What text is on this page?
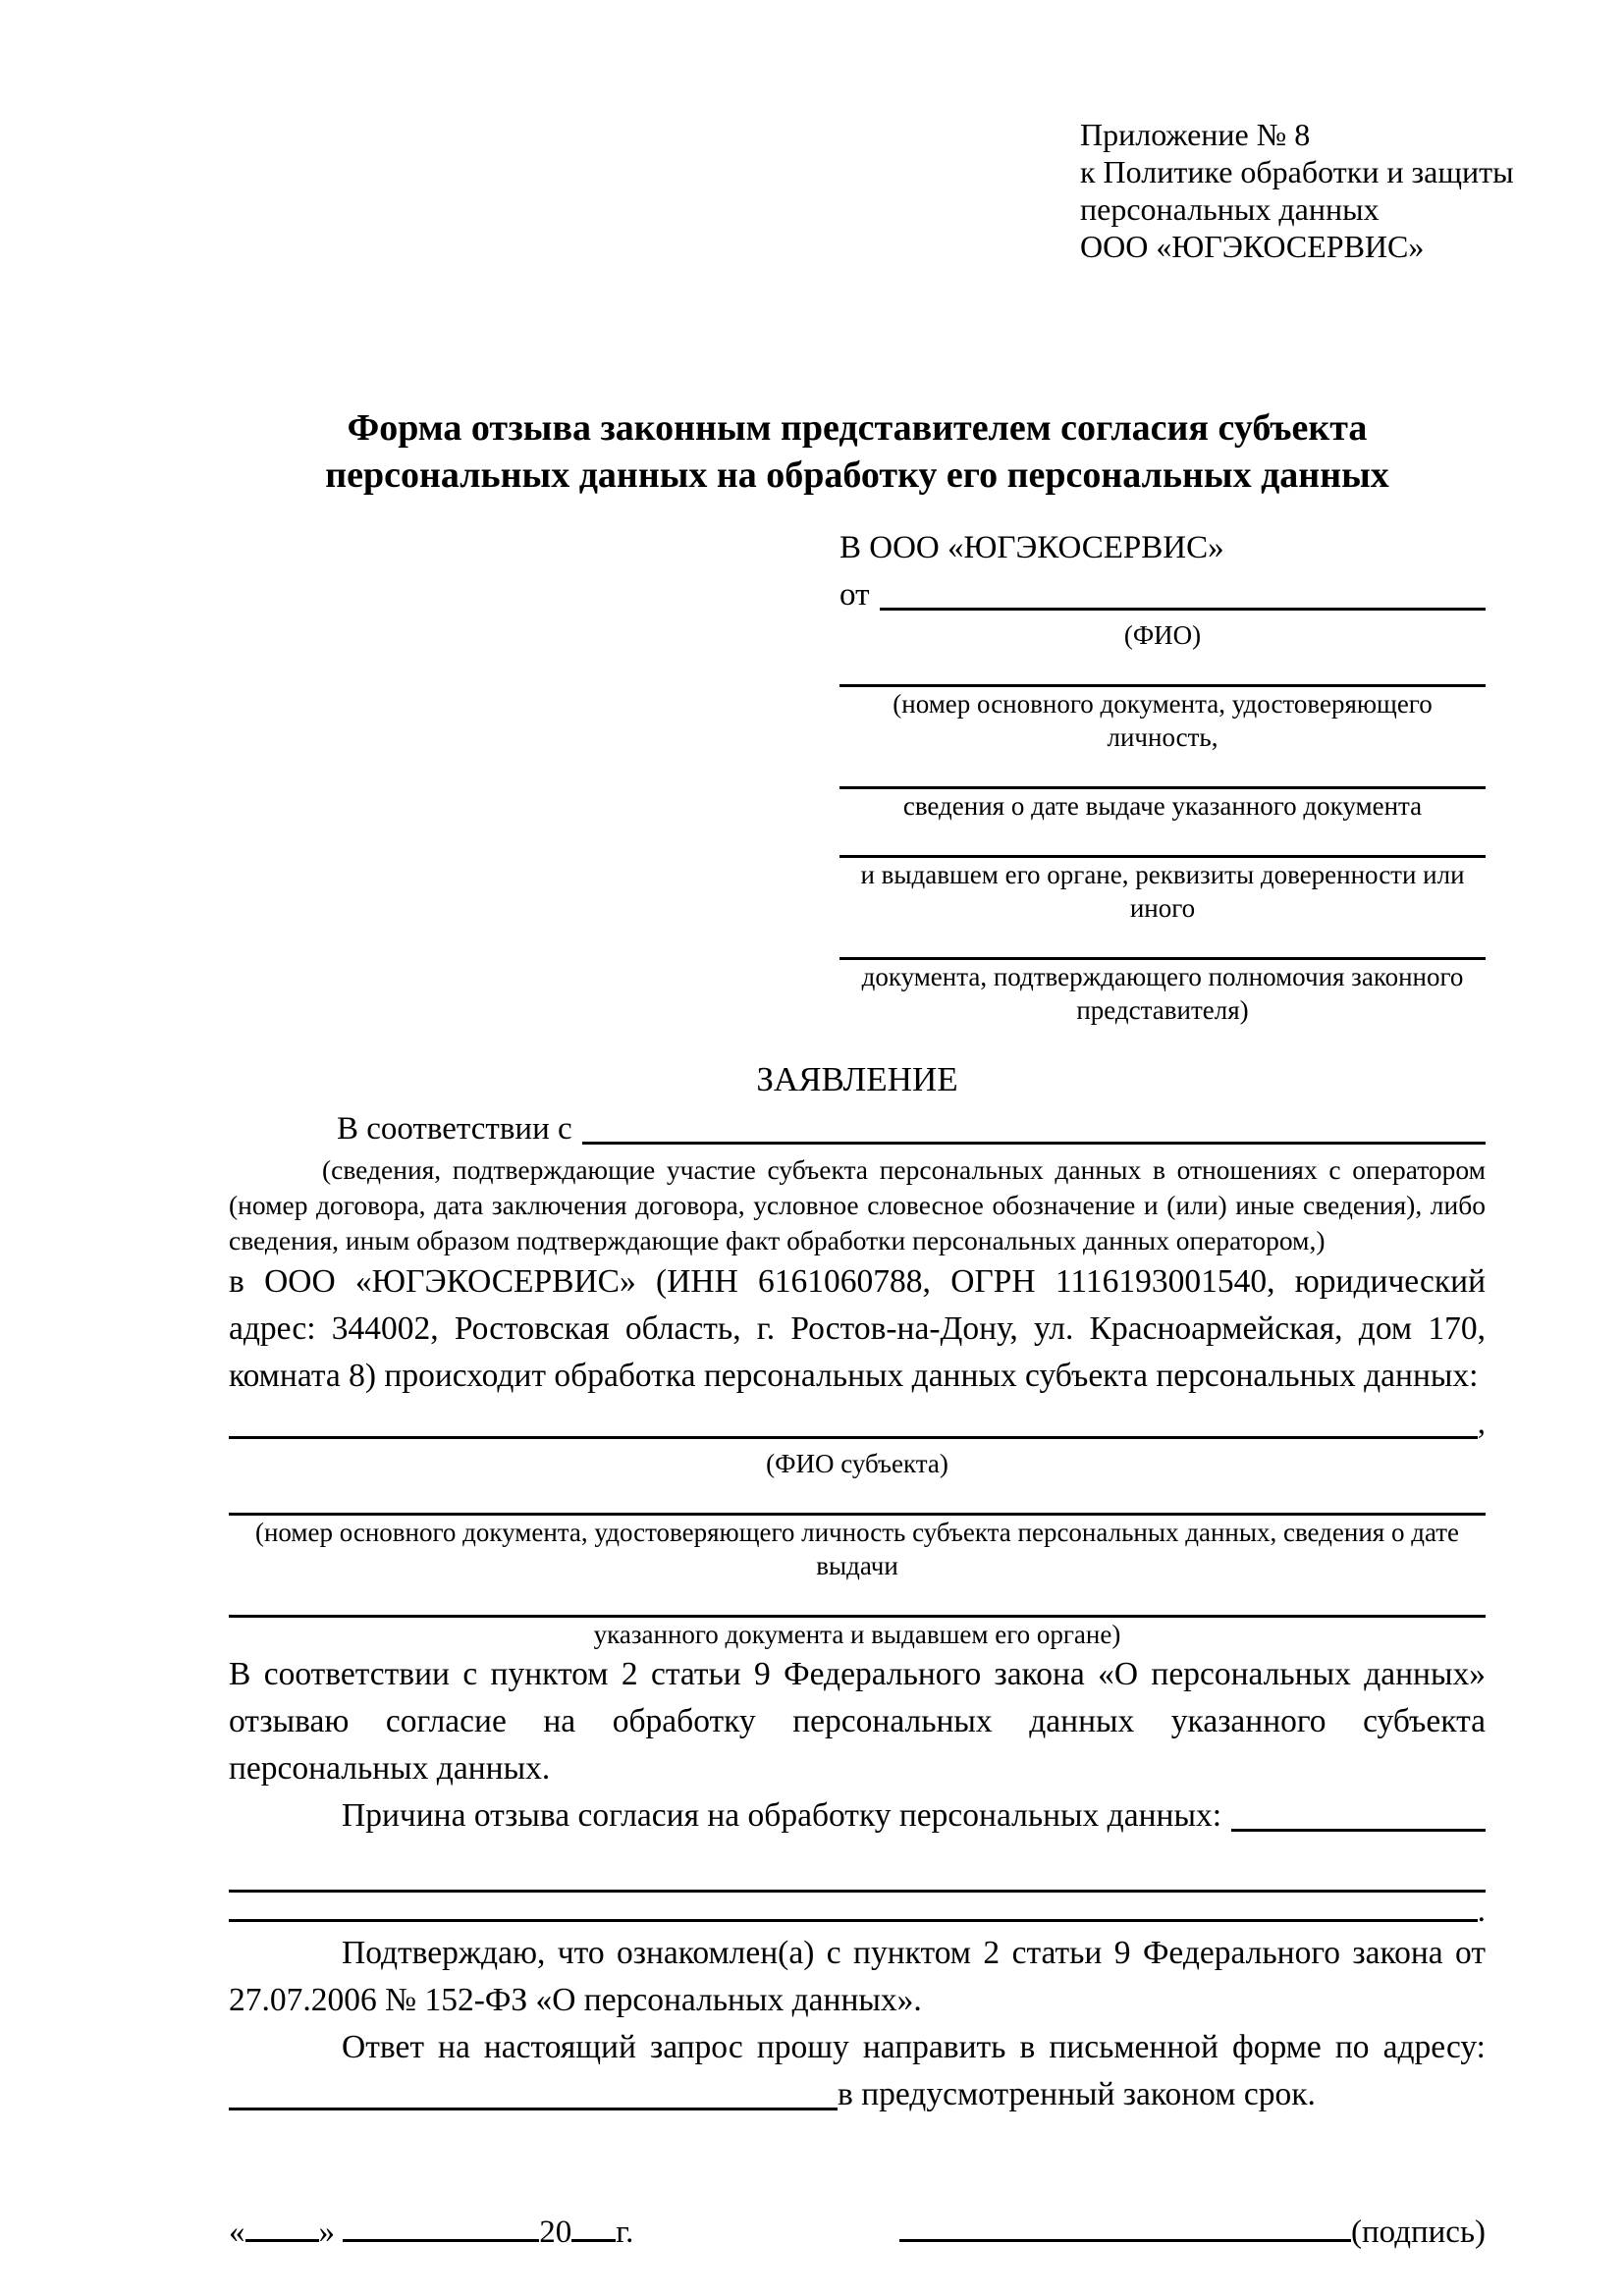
Приложение № 8
к Политике обработки и защиты
персональных данных
ООО «ЮГЭКОСЕРВИС»
Форма отзыва законным представителем согласия субъекта персональных данных на обработку его персональных данных
В ООО «ЮГЭКОСЕРВИС»
от
(ФИО)
(номер основного документа, удостоверяющего личность,
сведения о дате выдаче указанного документа
и выдавшем его органе, реквизиты доверенности или иного
документа, подтверждающего полномочия законного представителя)
ЗАЯВЛЕНИЕ
В соответствии с
(сведения, подтверждающие участие субъекта персональных данных в отношениях с оператором (номер договора, дата заключения договора, условное словесное обозначение и (или) иные сведения), либо сведения, иным образом подтверждающие факт обработки персональных данных оператором,)
в ООО «ЮГЭКОСЕРВИС» (ИНН 6161060788, ОГРН 1116193001540, юридический адрес: 344002, Ростовская область, г. Ростов-на-Дону, ул. Красноармейская, дом 170, комната 8) происходит обработка персональных данных субъекта персональных данных:
,
(ФИО субъекта)
(номер основного документа, удостоверяющего личность субъекта персональных данных, сведения о дате выдачи
указанного документа и выдавшем его органе)
В соответствии с пунктом 2 статьи 9 Федерального закона «О персональных данных» отзываю согласие на обработку персональных данных указанного субъекта персональных данных.
Причина отзыва согласия на обработку персональных данных:
.
Подтверждаю, что ознакомлен(а) с пунктом 2 статьи 9 Федерального закона от 27.07.2006 № 152-ФЗ «О персональных данных».
Ответ на настоящий запрос прошу направить в письменной форме по адресу:
в предусмотренный законом срок.
« »	20 г.	(подпись)
